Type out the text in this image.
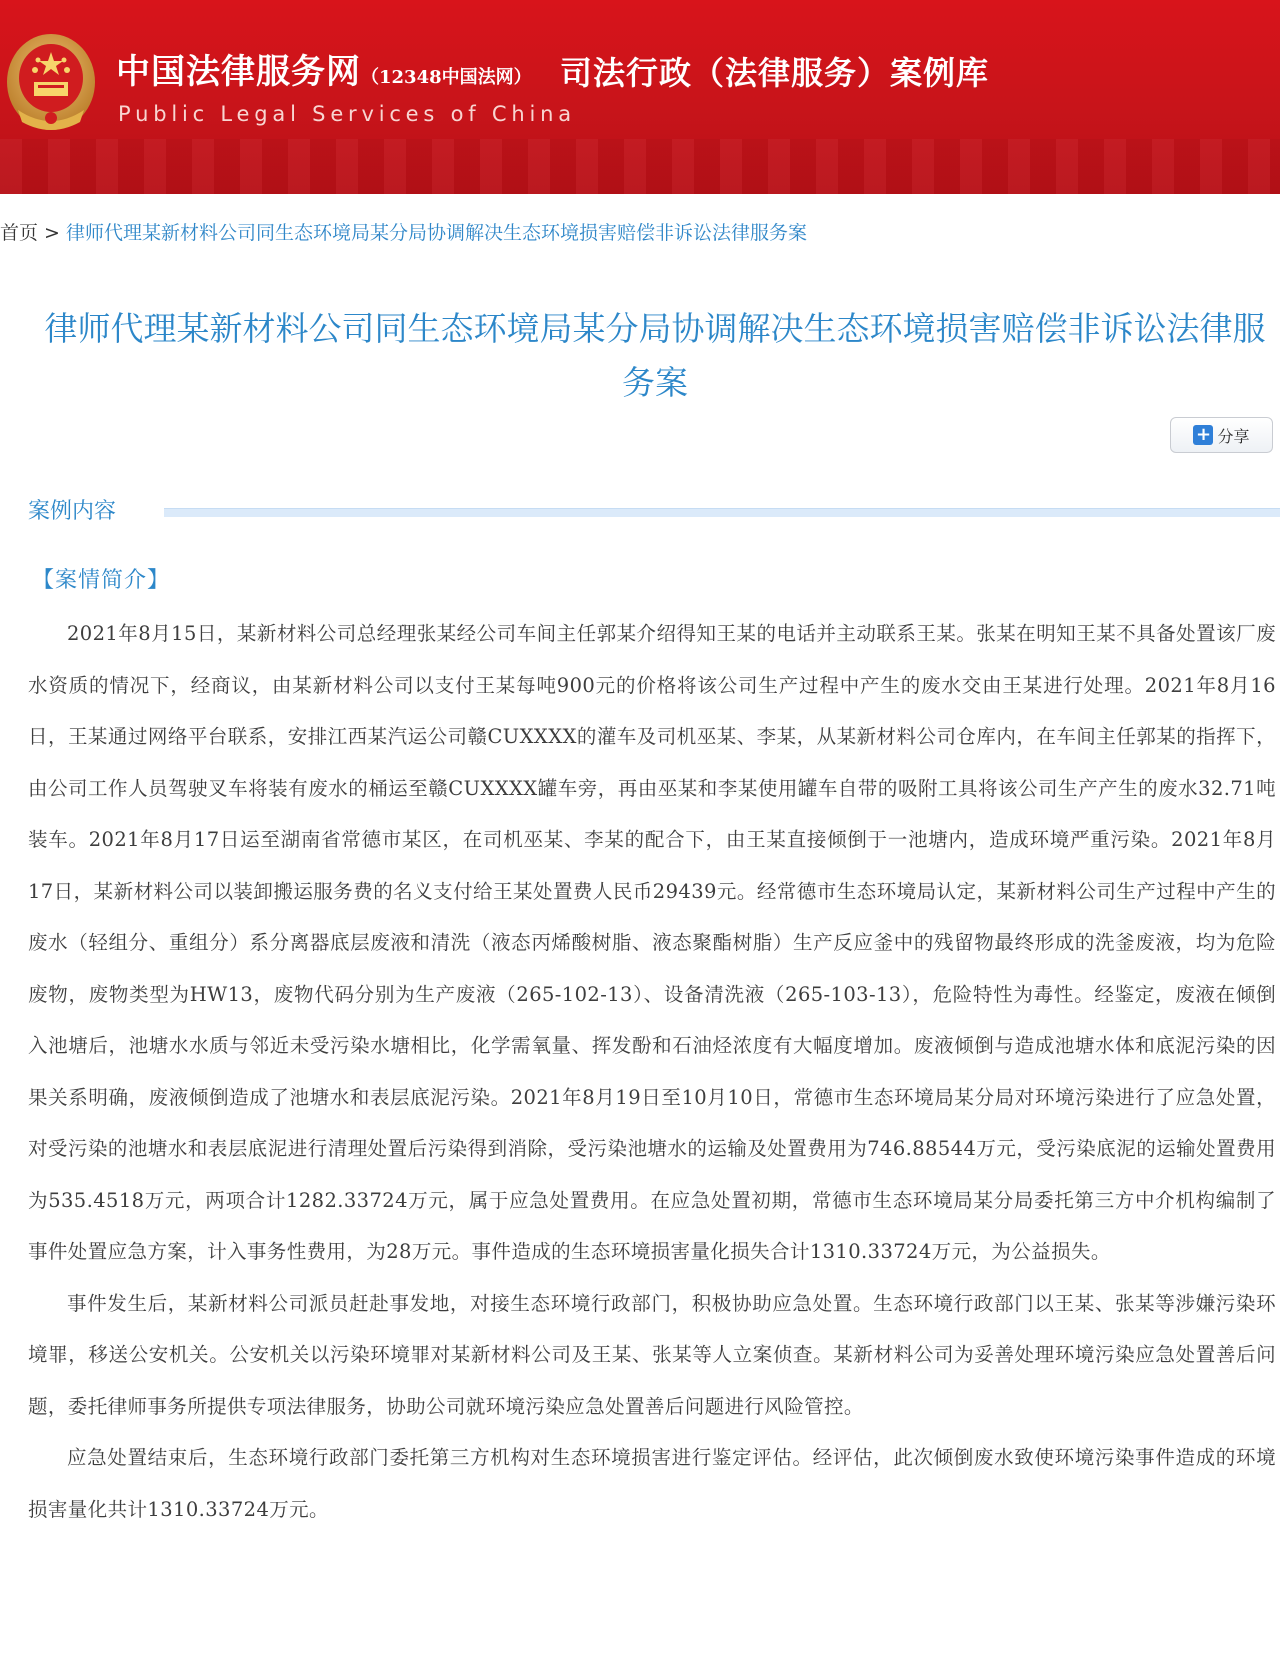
中国法律服务网（12348中国法网）
Public Legal Services of China
司法行政（法律服务）案例库
首页 > 律师代理某新材料公司同生态环境局某分局协调解决生态环境损害赔偿非诉讼法律服务案
律师代理某新材料公司同生态环境局某分局协调解决生态环境损害赔偿非诉讼法律服务案
+ 分享
案例内容
【案情简介】

2021年8月15日，某新材料公司总经理张某经公司车间主任郭某介绍得知王某的电话并主动联系王某。张某在明知王某不具备处置该厂废水资质的情况下，经商议，由某新材料公司以支付王某每吨900元的价格将该公司生产过程中产生的废水交由王某进行处理。2021年8月16日，王某通过网络平台联系，安排江西某汽运公司赣CUXXXX的灌车及司机巫某、李某，从某新材料公司仓库内，在车间主任郭某的指挥下，由公司工作人员驾驶叉车将装有废水的桶运至赣CUXXXX罐车旁，再由巫某和李某使用罐车自带的吸附工具将该公司生产产生的废水32.71吨装车。2021年8月17日运至湖南省常德市某区，在司机巫某、李某的配合下，由王某直接倾倒于一池塘内，造成环境严重污染。2021年8月17日，某新材料公司以装卸搬运服务费的名义支付给王某处置费人民币29439元。经常德市生态环境局认定，某新材料公司生产过程中产生的废水（轻组分、重组分）系分离器底层废液和清洗（液态丙烯酸树脂、液态聚酯树脂）生产反应釜中的残留物最终形成的洗釜废液，均为危险废物，废物类型为HW13，废物代码分别为生产废液（265-102-13）、设备清洗液（265-103-13），危险特性为毒性。经鉴定，废液在倾倒入池塘后，池塘水水质与邻近未受污染水塘相比，化学需氧量、挥发酚和石油烃浓度有大幅度增加。废液倾倒与造成池塘水体和底泥污染的因果关系明确，废液倾倒造成了池塘水和表层底泥污染。2021年8月19日至10月10日，常德市生态环境局某分局对环境污染进行了应急处置，对受污染的池塘水和表层底泥进行清理处置后污染得到消除，受污染池塘水的运输及处置费用为746.88544万元，受污染底泥的运输处置费用为535.4518万元，两项合计1282.33724万元，属于应急处置费用。在应急处置初期，常德市生态环境局某分局委托第三方中介机构编制了事件处置应急方案，计入事务性费用，为28万元。事件造成的生态环境损害量化损失合计1310.33724万元，为公益损失。

事件发生后，某新材料公司派员赶赴事发地，对接生态环境行政部门，积极协助应急处置。生态环境行政部门以王某、张某等涉嫌污染环境罪，移送公安机关。公安机关以污染环境罪对某新材料公司及王某、张某等人立案侦查。某新材料公司为妥善处理环境污染应急处置善后问题，委托律师事务所提供专项法律服务，协助公司就环境污染应急处置善后问题进行风险管控。

应急处置结束后，生态环境行政部门委托第三方机构对生态环境损害进行鉴定评估。经评估，此次倾倒废水致使环境污染事件造成的环境损害量化共计1310.33724万元。
